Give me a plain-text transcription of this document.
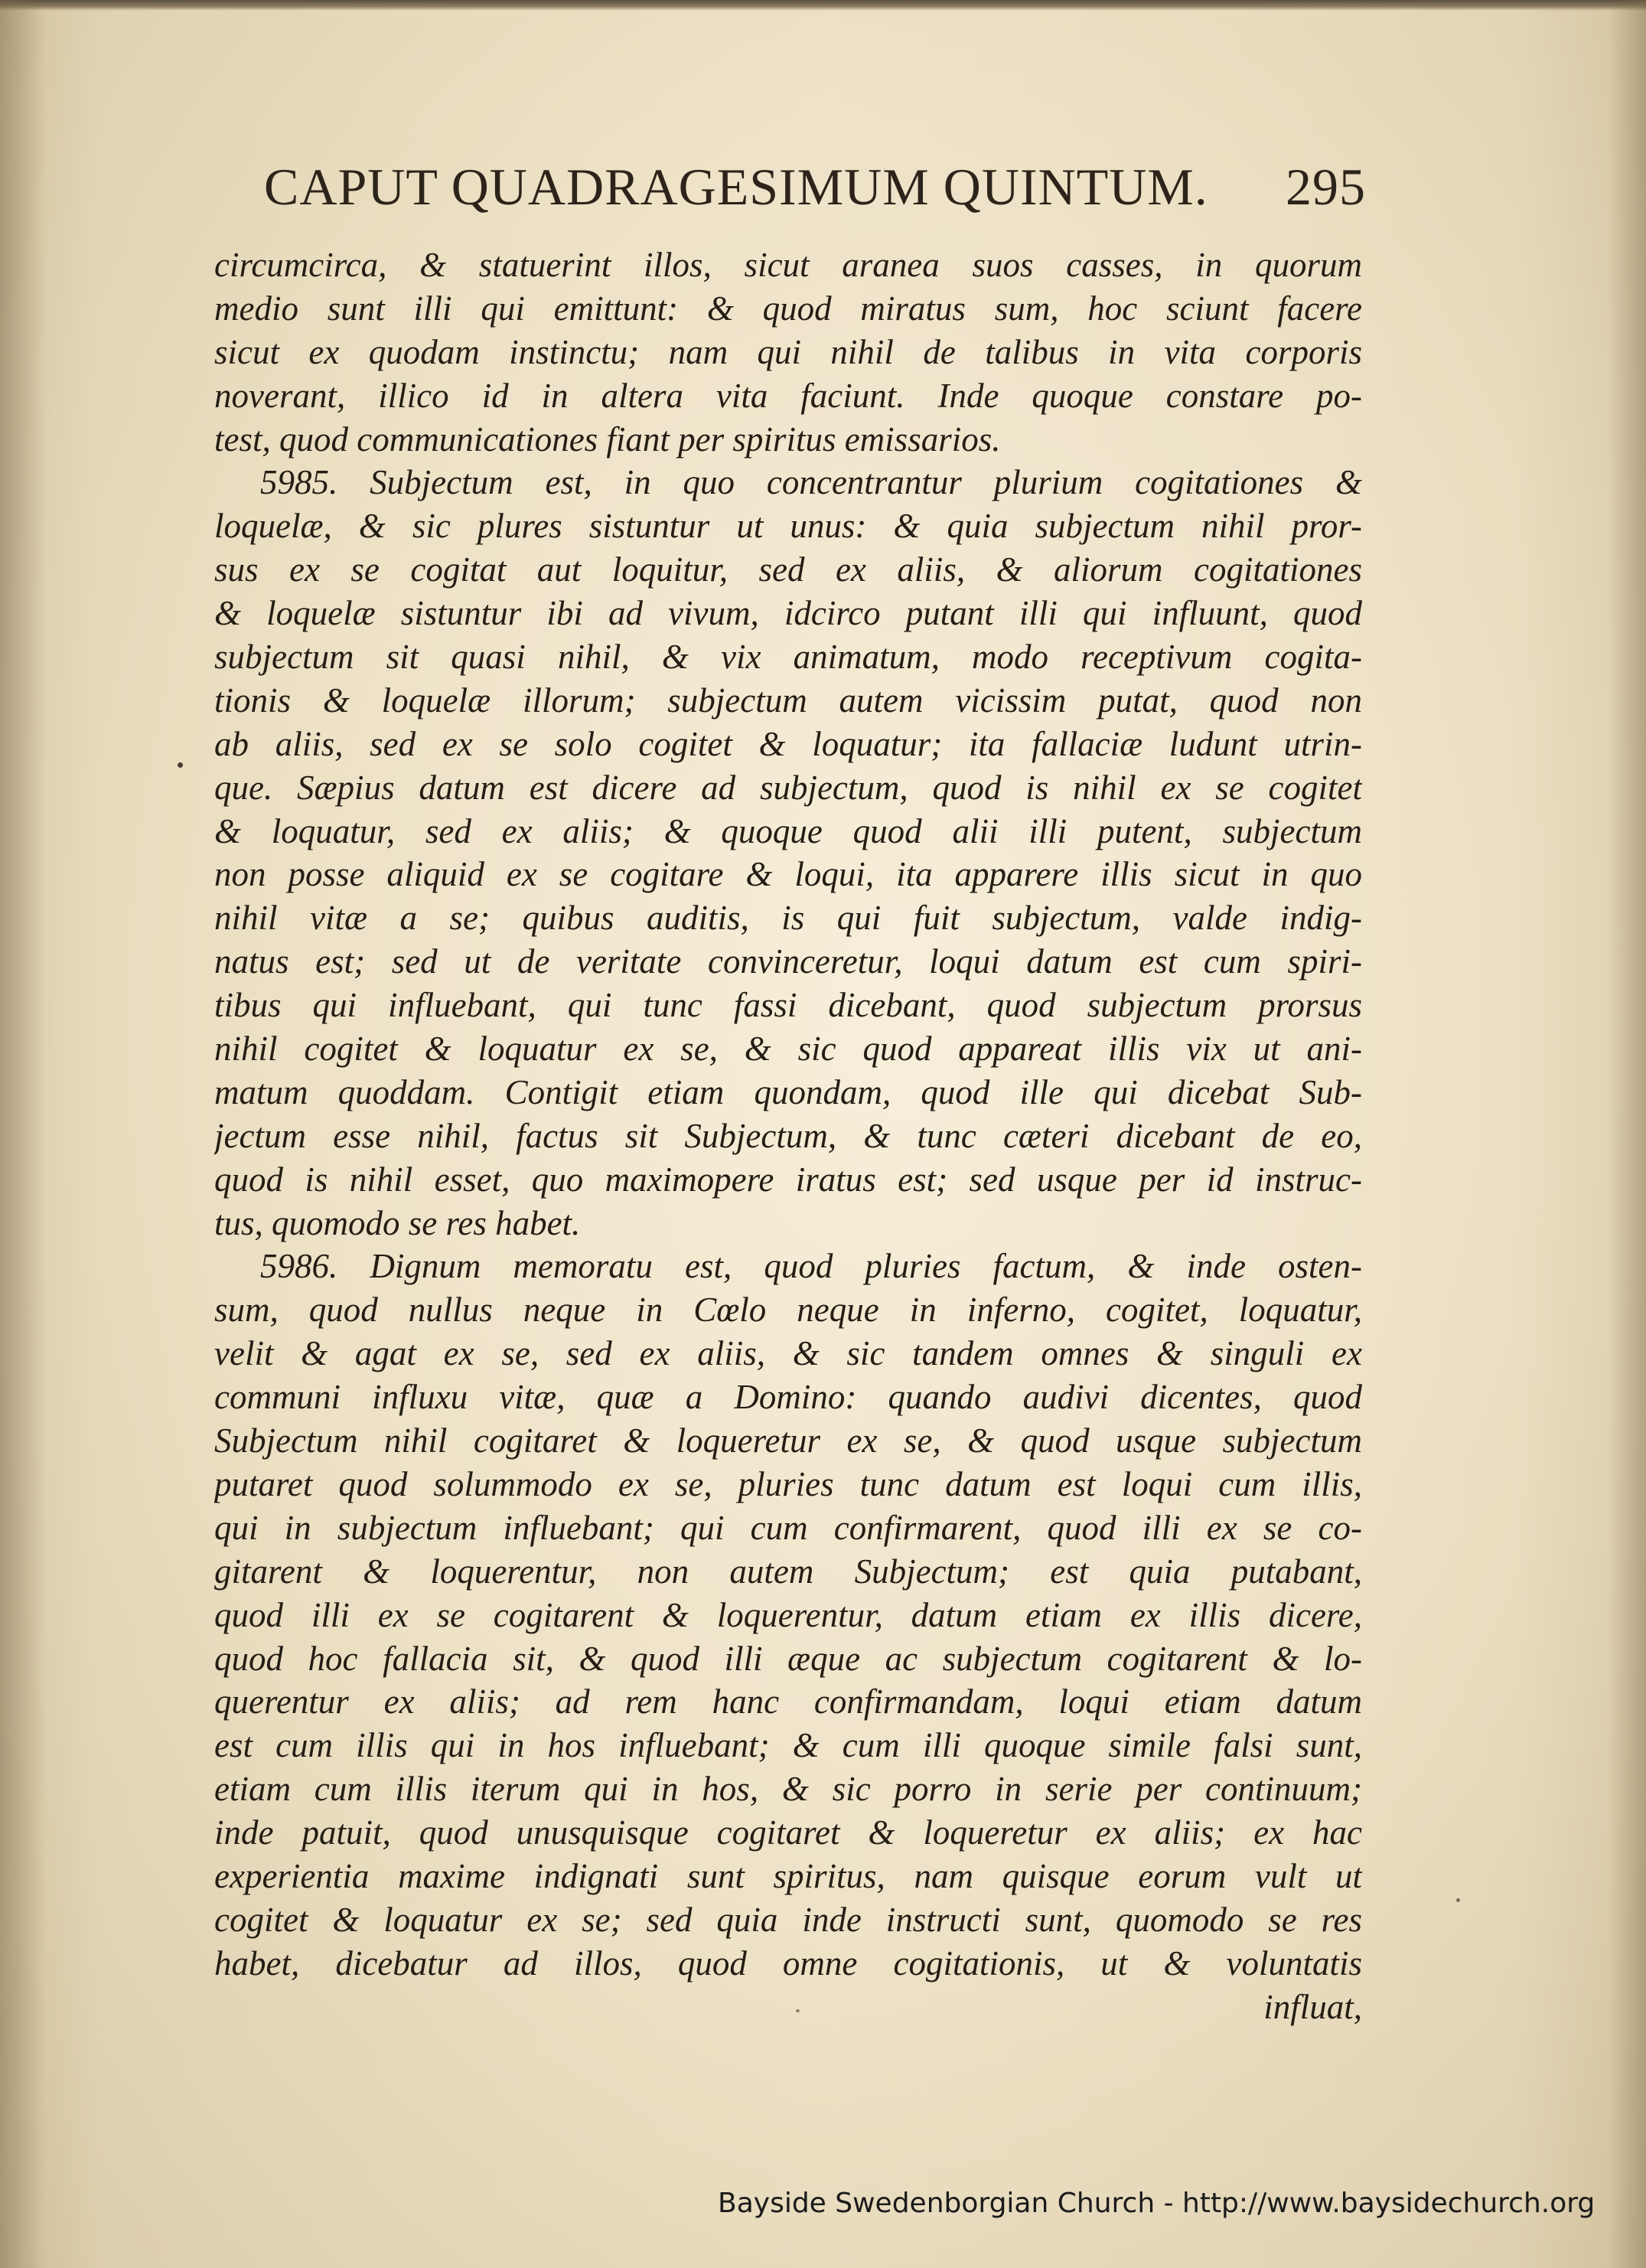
CAPUT QUADRAGESIMUM QUINTUM. 295
circumcirca, & statuerint illos, sicut aranea suos casses, in quorum
medio sunt illi qui emittunt: & quod miratus sum, hoc sciunt facere
sicut ex quodam instinctu; nam qui nihil de talibus in vita corporis
noverant, illico id in altera vita faciunt. Inde quoque constare po-
test, quod communicationes fiant per spiritus emissarios.
5985. Subjectum est, in quo concentrantur plurium cogitationes &
loquelæ, & sic plures sistuntur ut unus: & quia subjectum nihil pror-
sus ex se cogitat aut loquitur, sed ex aliis, & aliorum cogitationes
& loquelæ sistuntur ibi ad vivum, idcirco putant illi qui influunt, quod
subjectum sit quasi nihil, & vix animatum, modo receptivum cogita-
tionis & loquelæ illorum; subjectum autem vicissim putat, quod non
ab aliis, sed ex se solo cogitet & loquatur; ita fallaciæ ludunt utrin-
que. Sæpius datum est dicere ad subjectum, quod is nihil ex se cogitet
& loquatur, sed ex aliis; & quoque quod alii illi putent, subjectum
non posse aliquid ex se cogitare & loqui, ita apparere illis sicut in quo
nihil vitæ a se; quibus auditis, is qui fuit subjectum, valde indig-
natus est; sed ut de veritate convinceretur, loqui datum est cum spiri-
tibus qui influebant, qui tunc fassi dicebant, quod subjectum prorsus
nihil cogitet & loquatur ex se, & sic quod appareat illis vix ut ani-
matum quoddam. Contigit etiam quondam, quod ille qui dicebat Sub-
jectum esse nihil, factus sit Subjectum, & tunc cæteri dicebant de eo,
quod is nihil esset, quo maximopere iratus est; sed usque per id instruc-
tus, quomodo se res habet.
5986. Dignum memoratu est, quod pluries factum, & inde osten-
sum, quod nullus neque in Cœlo neque in inferno, cogitet, loquatur,
velit & agat ex se, sed ex aliis, & sic tandem omnes & singuli ex
communi influxu vitæ, quæ a Domino: quando audivi dicentes, quod
Subjectum nihil cogitaret & loqueretur ex se, & quod usque subjectum
putaret quod solummodo ex se, pluries tunc datum est loqui cum illis,
qui in subjectum influebant; qui cum confirmarent, quod illi ex se co-
gitarent & loquerentur, non autem Subjectum; est quia putabant,
quod illi ex se cogitarent & loquerentur, datum etiam ex illis dicere,
quod hoc fallacia sit, & quod illi æque ac subjectum cogitarent & lo-
querentur ex aliis; ad rem hanc confirmandam, loqui etiam datum
est cum illis qui in hos influebant; & cum illi quoque simile falsi sunt,
etiam cum illis iterum qui in hos, & sic porro in serie per continuum;
inde patuit, quod unusquisque cogitaret & loqueretur ex aliis; ex hac
experientia maxime indignati sunt spiritus, nam quisque eorum vult ut
cogitet & loquatur ex se; sed quia inde instructi sunt, quomodo se res
habet, dicebatur ad illos, quod omne cogitationis, ut & voluntatis
influat,
Bayside Swedenborgian Church - http://www.baysidechurch.org
